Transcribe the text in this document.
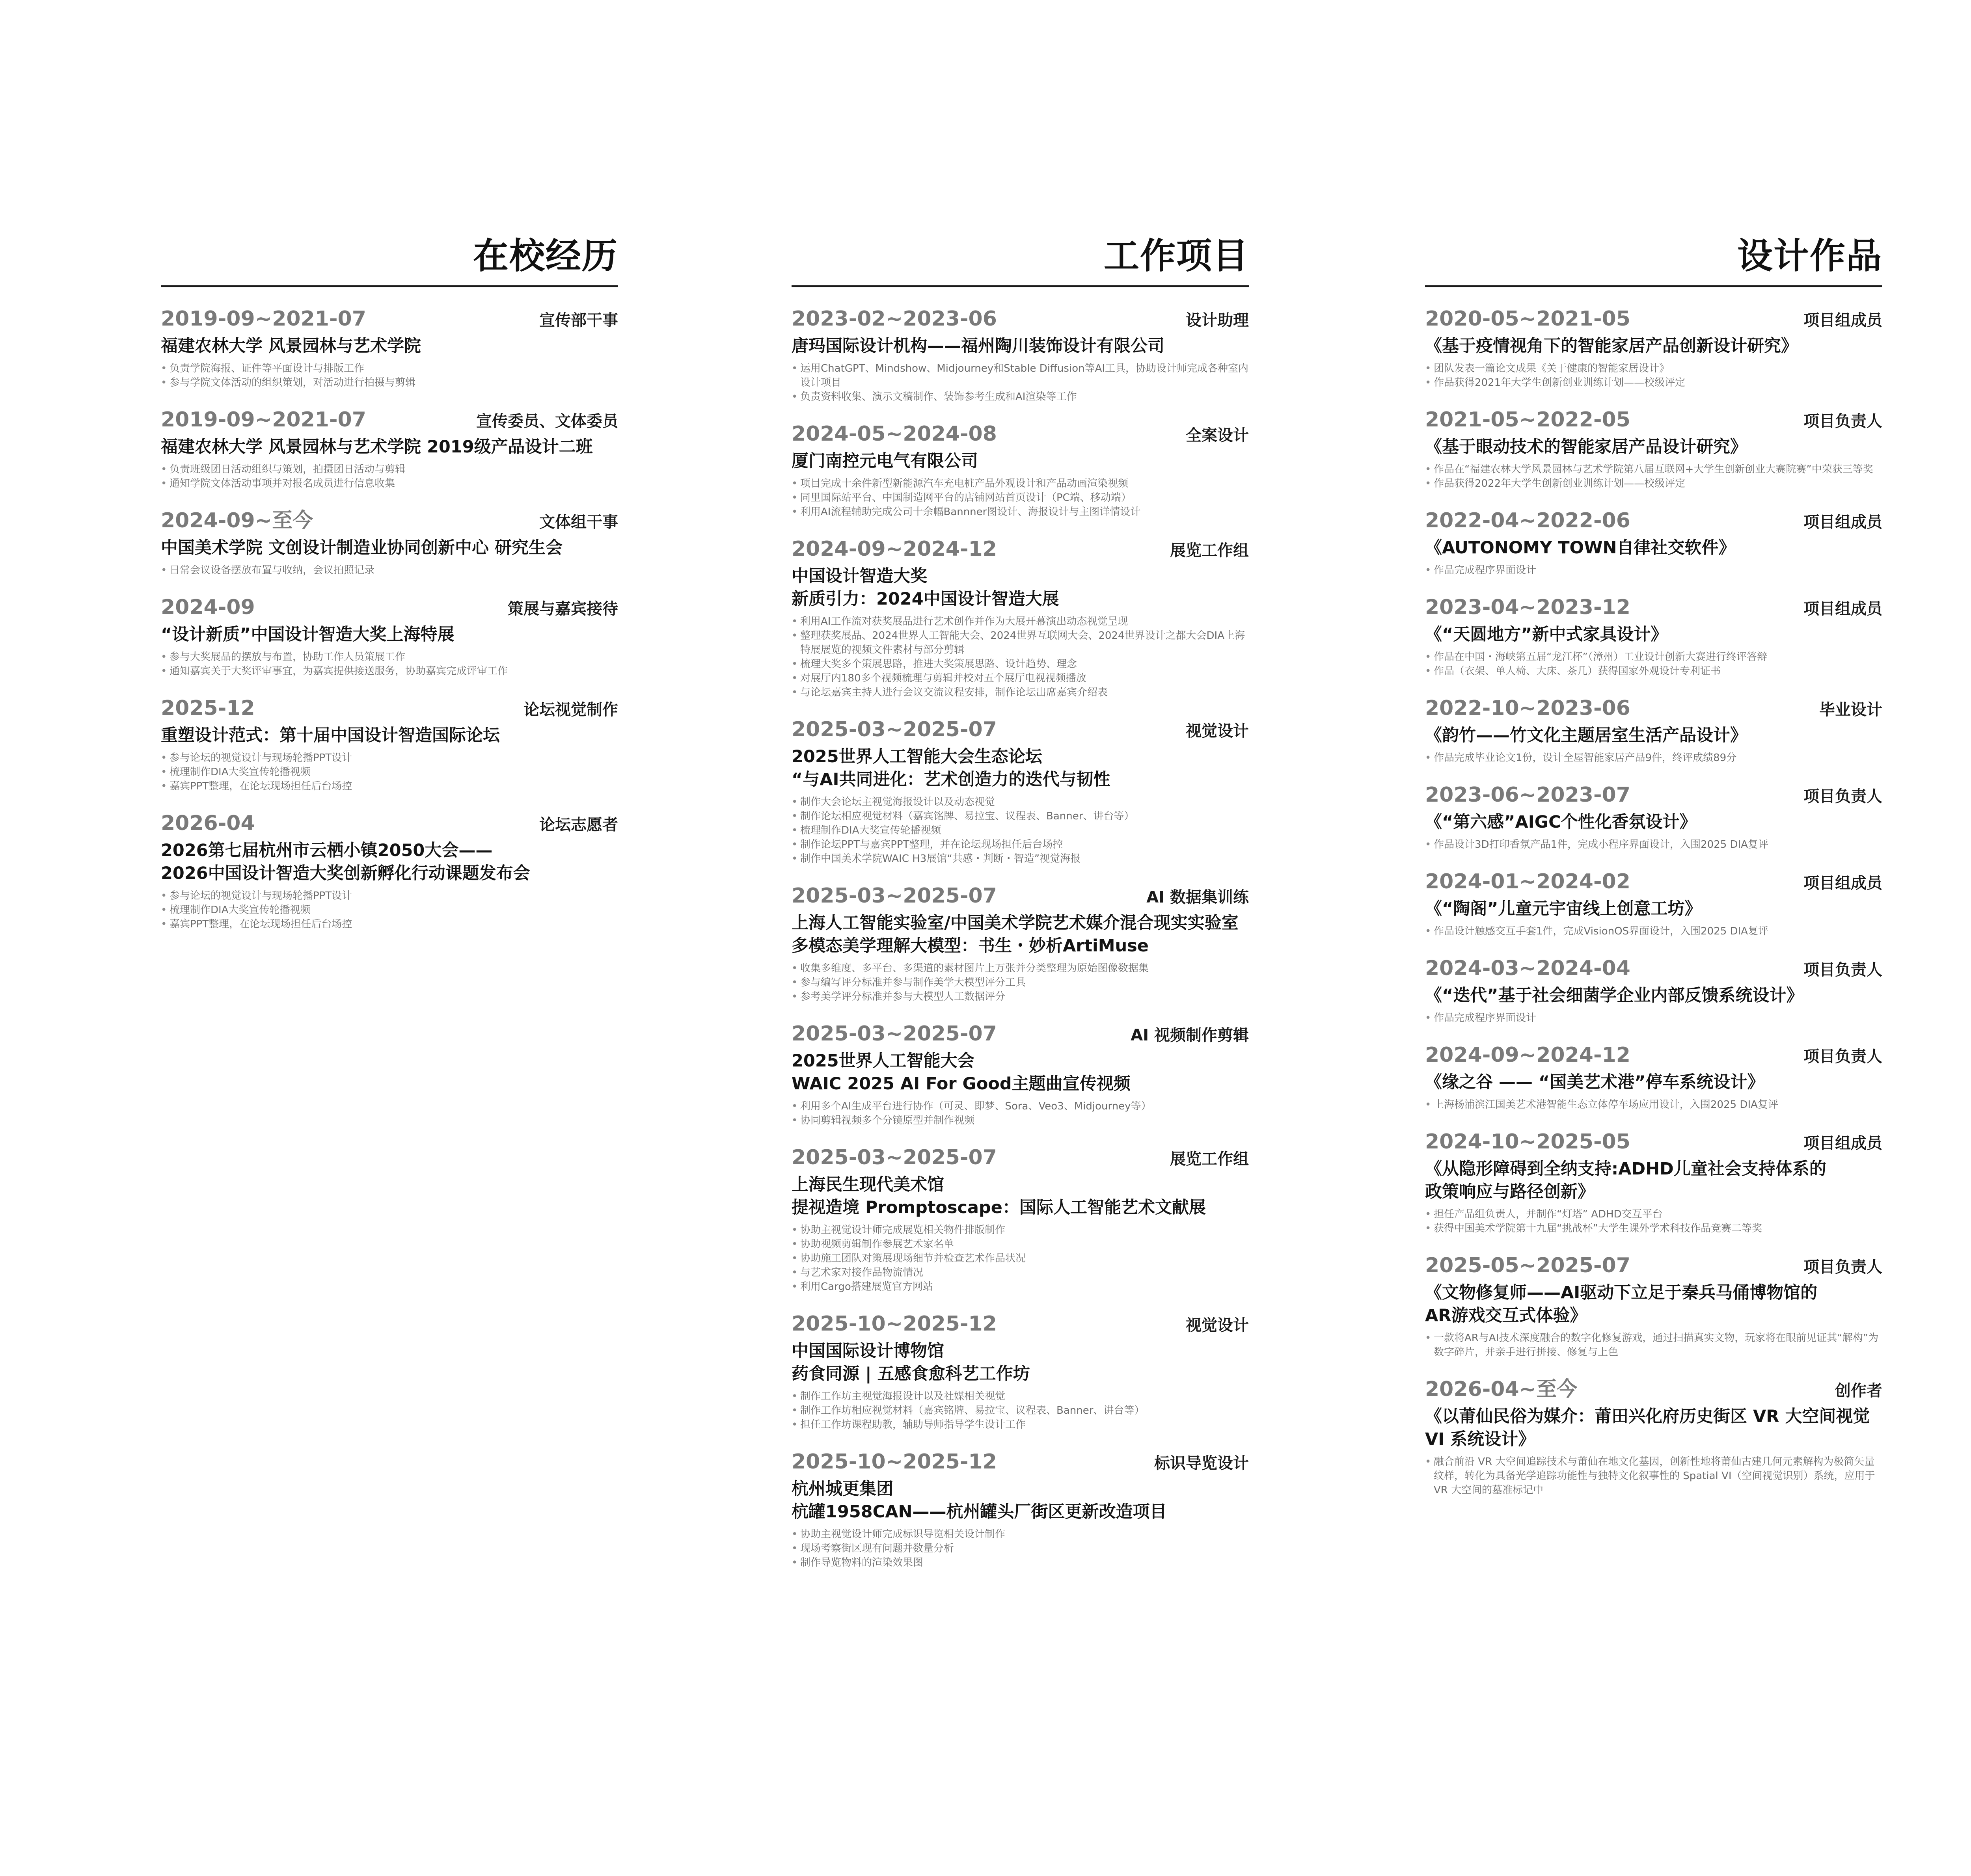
在校经历
2019-09~2021-07	宣传部干事
福建农林大学 风景园林与艺术学院
• 负责学院海报、证件等平面设计与排版工作
• 参与学院文体活动的组织策划，对活动进行拍摄与剪辑
2019-09~2021-07	宣传委员、文体委员
福建农林大学 风景园林与艺术学院 2019级产品设计二班
• 负责班级团日活动组织与策划，拍摄团日活动与剪辑
• 通知学院文体活动事项并对报名成员进行信息收集
2024-09~至今	文体组干事
中国美术学院 文创设计制造业协同创新中心 研究生会
• 日常会议设备摆放布置与收纳，会议拍照记录
2024-09	策展与嘉宾接待
“设计新质”中国设计智造大奖上海特展
• 参与大奖展品的摆放与布置，协助工作人员策展工作
• 通知嘉宾关于大奖评审事宜，为嘉宾提供接送服务，协助嘉宾完成评审工作
2025-12	论坛视觉制作
重塑设计范式：第十届中国设计智造国际论坛
• 参与论坛的视觉设计与现场轮播PPT设计
• 梳理制作DIA大奖宣传轮播视频
• 嘉宾PPT整理，在论坛现场担任后台场控
2026-04	论坛志愿者
2026第七届杭州市云栖小镇2050大会——
2026中国设计智造大奖创新孵化行动课题发布会
• 参与论坛的视觉设计与现场轮播PPT设计
• 梳理制作DIA大奖宣传轮播视频
• 嘉宾PPT整理，在论坛现场担任后台场控
工作项目
2023-02~2023-06	设计助理
唐玛国际设计机构——福州陶川装饰设计有限公司
• 运用ChatGPT、Mindshow、Midjourney和Stable Diffusion等AI工具，协助设计师完成各种室内设计项目
• 负责资料收集、演示文稿制作、装饰参考生成和AI渲染等工作
2024-05~2024-08	全案设计
厦门南控元电气有限公司
• 项目完成十余件新型新能源汽车充电桩产品外观设计和产品动画渲染视频
• 同里国际站平台、中国制造网平台的店铺网站首页设计（PC端、移动端）
• 利用AI流程辅助完成公司十余幅Bannner图设计、海报设计与主图详情设计
2024-09~2024-12	展览工作组
中国设计智造大奖
新质引力：2024中国设计智造大展
• 利用AI工作流对获奖展品进行艺术创作并作为大展开幕演出动态视觉呈现
• 整理获奖展品、2024世界人工智能大会、2024世界互联网大会、2024世界设计之都大会DIA上海特展展览的视频文件素材与部分剪辑
• 梳理大奖多个策展思路，推进大奖策展思路、设计趋势、理念
• 对展厅内180多个视频梳理与剪辑并校对五个展厅电视视频播放
• 与论坛嘉宾主持人进行会议交流议程安排，制作论坛出席嘉宾介绍表
2025-03~2025-07	视觉设计
2025世界人工智能大会生态论坛
“与AI共同进化：艺术创造力的迭代与韧性
• 制作大会论坛主视觉海报设计以及动态视觉
• 制作论坛相应视觉材料（嘉宾铭牌、易拉宝、议程表、Banner、讲台等）
• 梳理制作DIA大奖宣传轮播视频
• 制作论坛PPT与嘉宾PPT整理，并在论坛现场担任后台场控
• 制作中国美术学院WAIC H3展馆“共感・判断・智造”视觉海报
2025-03~2025-07	AI 数据集训练
上海人工智能实验室/中国美术学院艺术媒介混合现实实验室
多模态美学理解大模型：书生・妙析ArtiMuse
• 收集多维度、多平台、多渠道的素材图片上万张并分类整理为原始图像数据集
• 参与编写评分标准并参与制作美学大模型评分工具
• 参考美学评分标准并参与大模型人工数据评分
2025-03~2025-07	AI 视频制作剪辑
2025世界人工智能大会
WAIC 2025 AI For Good主题曲宣传视频
• 利用多个AI生成平台进行协作（可灵、即梦、Sora、Veo3、Midjourney等）
• 协同剪辑视频多个分镜原型并制作视频
2025-03~2025-07	展览工作组
上海民生现代美术馆
提视造境 Promptoscape：国际人工智能艺术文献展
• 协助主视觉设计师完成展览相关物件排版制作
• 协助视频剪辑制作参展艺术家名单
• 协助施工团队对策展现场细节并检查艺术作品状况
• 与艺术家对接作品物流情况
• 利用Cargo搭建展览官方网站
2025-10~2025-12	视觉设计
中国国际设计博物馆
药食同源 | 五感食愈科艺工作坊
• 制作工作坊主视觉海报设计以及社媒相关视觉
• 制作工作坊相应视觉材料（嘉宾铭牌、易拉宝、议程表、Banner、讲台等）
• 担任工作坊课程助教，辅助导师指导学生设计工作
2025-10~2025-12	标识导览设计
杭州城更集团
杭罐1958CAN——杭州罐头厂街区更新改造项目
• 协助主视觉设计师完成标识导览相关设计制作
• 现场考察街区现有问题并数量分析
• 制作导览物料的渲染效果图
设计作品
2020-05~2021-05	项目组成员
《基于疫情视角下的智能家居产品创新设计研究》
• 团队发表一篇论文成果《关于健康的智能家居设计》
• 作品获得2021年大学生创新创业训练计划——校级评定
2021-05~2022-05	项目负责人
《基于眼动技术的智能家居产品设计研究》
• 作品在“福建农林大学风景园林与艺术学院第八届互联网+大学生创新创业大赛院赛”中荣获三等奖
• 作品获得2022年大学生创新创业训练计划——校级评定
2022-04~2022-06	项目组成员
《AUTONOMY TOWN自律社交软件》
• 作品完成程序界面设计
2023-04~2023-12	项目组成员
《“天圆地方”新中式家具设计》
• 作品在中国・海峡第五届“龙江杯”（漳州）工业设计创新大赛进行终评答辩
• 作品（衣架、单人椅、大床、茶几）获得国家外观设计专利证书
2022-10~2023-06	毕业设计
《韵竹——竹文化主题居室生活产品设计》
• 作品完成毕业论文1份，设计全屋智能家居产品9件，终评成绩89分
2023-06~2023-07	项目负责人
《“第六感”AIGC个性化香氛设计》
• 作品设计3D打印香氛产品1件，完成小程序界面设计，入围2025 DIA复评
2024-01~2024-02	项目组成员
《“陶阁”儿童元宇宙线上创意工坊》
• 作品设计触感交互手套1件，完成VisionOS界面设计，入围2025 DIA复评
2024-03~2024-04	项目负责人
《“迭代”基于社会细菌学企业内部反馈系统设计》
• 作品完成程序界面设计
2024-09~2024-12	项目负责人
《缘之谷 —— “国美艺术港”停车系统设计》
• 上海杨浦滨江国美艺术港智能生态立体停车场应用设计，入围2025 DIA复评
2024-10~2025-05	项目组成员
《从隐形障碍到全纳支持:ADHD儿童社会支持体系的
政策响应与路径创新》
• 担任产品组负责人，并制作“灯塔” ADHD交互平台
• 获得中国美术学院第十九届“挑战杯”大学生课外学术科技作品竞赛二等奖
2025-05~2025-07	项目负责人
《文物修复师——AI驱动下立足于秦兵马俑博物馆的
AR游戏交互式体验》
• 一款将AR与AI技术深度融合的数字化修复游戏，通过扫描真实文物，玩家将在眼前见证其“解构”为数字碎片，并亲手进行拼接、修复与上色
2026-04~至今	创作者
《以莆仙民俗为媒介：莆田兴化府历史街区 VR 大空间视觉
VI 系统设计》
• 融合前沿 VR 大空间追踪技术与莆仙在地文化基因，创新性地将莆仙古建几何元素解构为极简矢量纹样，转化为具备光学追踪功能性与独特文化叙事性的 Spatial VI（空间视觉识别）系统，应用于 VR 大空间的墓准标记中
